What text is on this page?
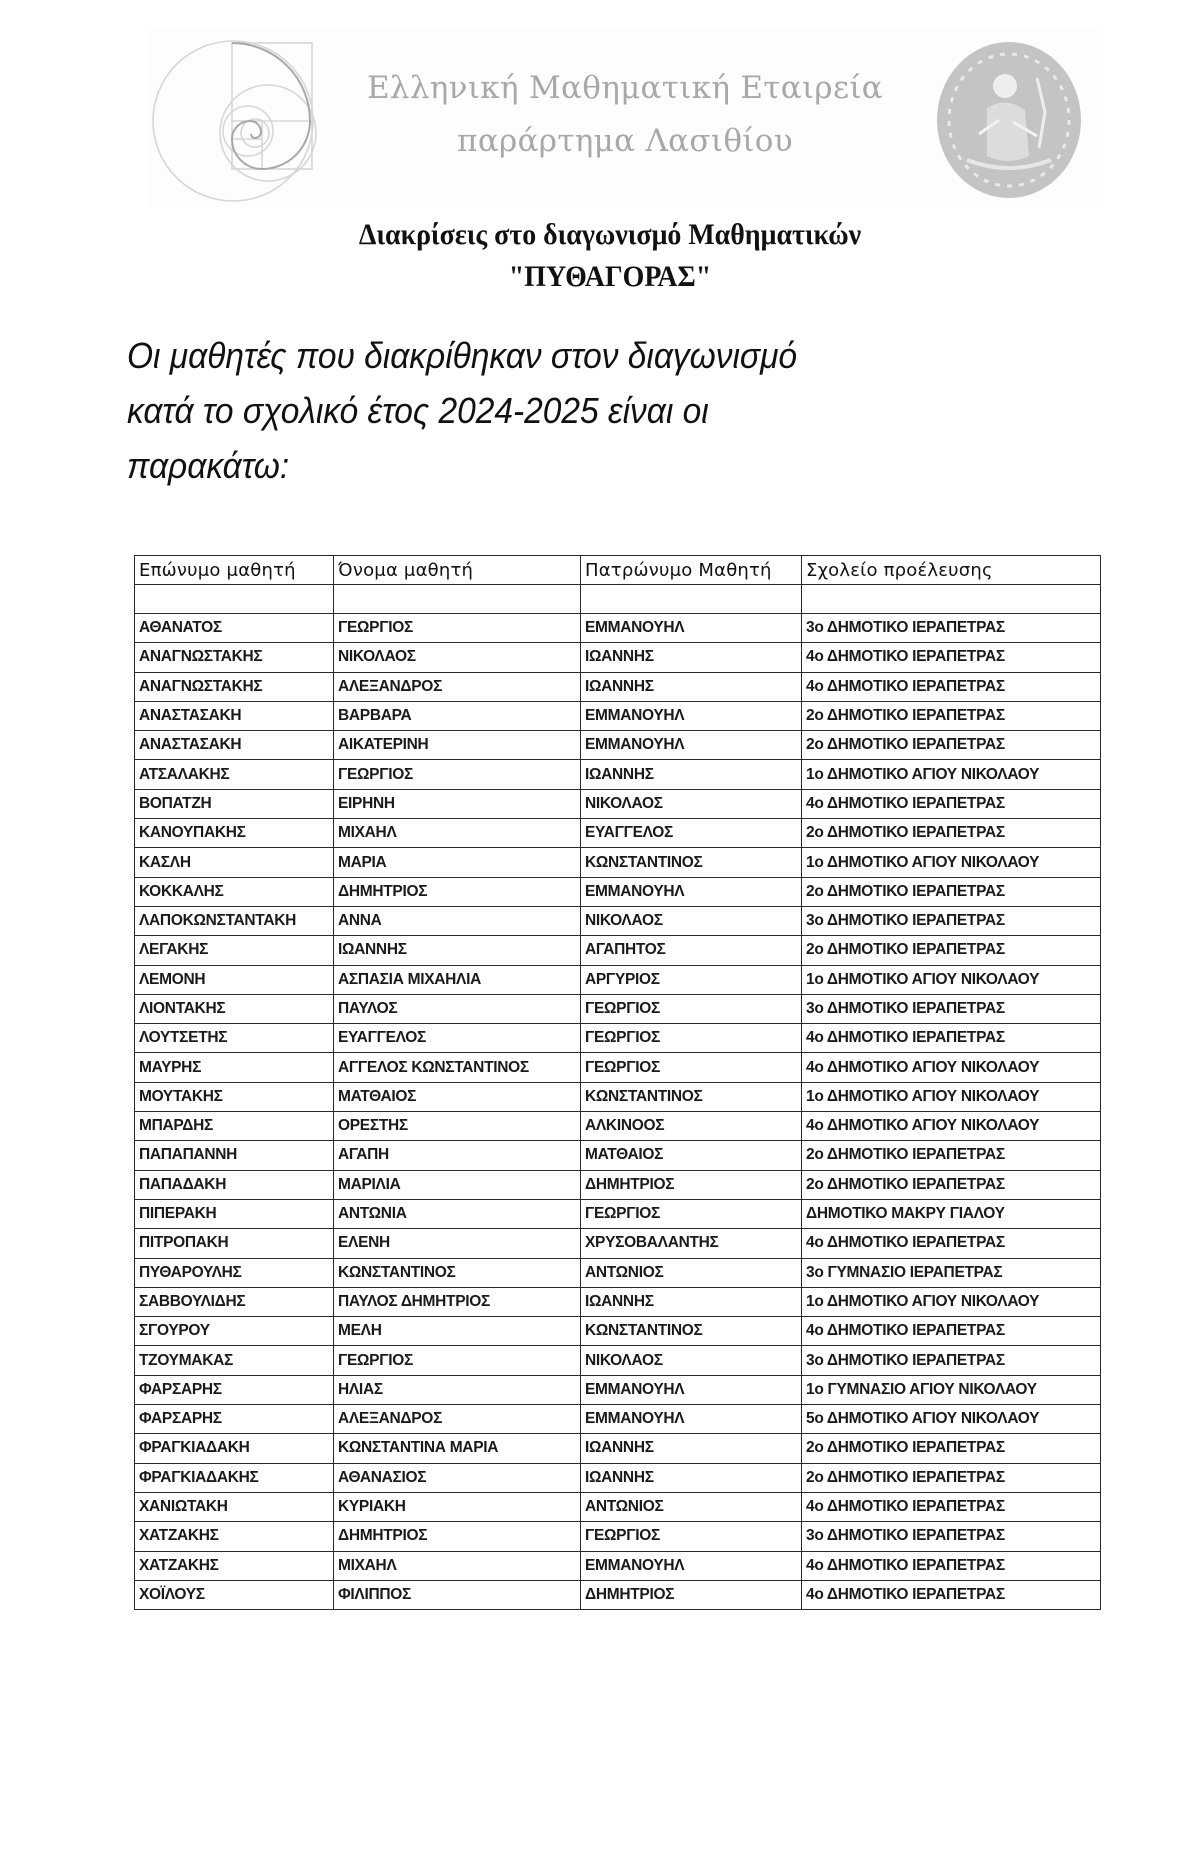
Ελληνική Μαθηματική Εταιρεία
παράρτημα Λασιθίου
Διακρίσεις στο διαγωνισμό Μαθηματικών
"ΠΥΘΑΓΟΡΑΣ"
Οι μαθητές που διακρίθηκαν στον διαγωνισμό
κατά το σχολικό έτος 2024-2025 είναι οι
παρακάτω:
Επώνυμο μαθητή	Όνομα μαθητή	Πατρώνυμο Μαθητή	Σχολείο προέλευσης

ΑΘΑΝΑΤΟΣ	ΓΕΩΡΓΙΟΣ	ΕΜΜΑΝΟΥΗΛ	3ο ΔΗΜΟΤΙΚΟ ΙΕΡΑΠΕΤΡΑΣ
ΑΝΑΓΝΩΣΤΑΚΗΣ	ΝΙΚΟΛΑΟΣ	ΙΩΑΝΝΗΣ	4ο ΔΗΜΟΤΙΚΟ ΙΕΡΑΠΕΤΡΑΣ
ΑΝΑΓΝΩΣΤΑΚΗΣ	ΑΛΕΞΑΝΔΡΟΣ	ΙΩΑΝΝΗΣ	4ο ΔΗΜΟΤΙΚΟ ΙΕΡΑΠΕΤΡΑΣ
ΑΝΑΣΤΑΣΑΚΗ	ΒΑΡΒΑΡΑ	ΕΜΜΑΝΟΥΗΛ	2ο ΔΗΜΟΤΙΚΟ ΙΕΡΑΠΕΤΡΑΣ
ΑΝΑΣΤΑΣΑΚΗ	ΑΙΚΑΤΕΡΙΝΗ	ΕΜΜΑΝΟΥΗΛ	2ο ΔΗΜΟΤΙΚΟ ΙΕΡΑΠΕΤΡΑΣ
ΑΤΣΑΛΑΚΗΣ	ΓΕΩΡΓΙΟΣ	ΙΩΑΝΝΗΣ	1ο ΔΗΜΟΤΙΚΟ ΑΓΙΟΥ ΝΙΚΟΛΑΟΥ
ΒΟΠΑΤΖΗ	ΕΙΡΗΝΗ	ΝΙΚΟΛΑΟΣ	4ο ΔΗΜΟΤΙΚΟ ΙΕΡΑΠΕΤΡΑΣ
ΚΑΝΟΥΠΑΚΗΣ	ΜΙΧΑΗΛ	ΕΥΑΓΓΕΛΟΣ	2ο ΔΗΜΟΤΙΚΟ ΙΕΡΑΠΕΤΡΑΣ
ΚΑΣΛΗ	ΜΑΡΙΑ	ΚΩΝΣΤΑΝΤΙΝΟΣ	1ο ΔΗΜΟΤΙΚΟ ΑΓΙΟΥ ΝΙΚΟΛΑΟΥ
ΚΟΚΚΑΛΗΣ	ΔΗΜΗΤΡΙΟΣ	ΕΜΜΑΝΟΥΗΛ	2ο ΔΗΜΟΤΙΚΟ ΙΕΡΑΠΕΤΡΑΣ
ΛΑΠΟΚΩΝΣΤΑΝΤΑΚΗ	ΑΝΝΑ	ΝΙΚΟΛΑΟΣ	3ο ΔΗΜΟΤΙΚΟ ΙΕΡΑΠΕΤΡΑΣ
ΛΕΓΑΚΗΣ	ΙΩΑΝΝΗΣ	ΑΓΑΠΗΤΟΣ	2ο ΔΗΜΟΤΙΚΟ ΙΕΡΑΠΕΤΡΑΣ
ΛΕΜΟΝΗ	ΑΣΠΑΣΙΑ ΜΙΧΑΗΛΙΑ	ΑΡΓΥΡΙΟΣ	1ο ΔΗΜΟΤΙΚΟ ΑΓΙΟΥ ΝΙΚΟΛΑΟΥ
ΛΙΟΝΤΑΚΗΣ	ΠΑΥΛΟΣ	ΓΕΩΡΓΙΟΣ	3ο ΔΗΜΟΤΙΚΟ ΙΕΡΑΠΕΤΡΑΣ
ΛΟΥΤΣΕΤΗΣ	ΕΥΑΓΓΕΛΟΣ	ΓΕΩΡΓΙΟΣ	4ο ΔΗΜΟΤΙΚΟ ΙΕΡΑΠΕΤΡΑΣ
ΜΑΥΡΗΣ	ΑΓΓΕΛΟΣ ΚΩΝΣΤΑΝΤΙΝΟΣ	ΓΕΩΡΓΙΟΣ	4ο ΔΗΜΟΤΙΚΟ ΑΓΙΟΥ ΝΙΚΟΛΑΟΥ
ΜΟΥΤΑΚΗΣ	ΜΑΤΘΑΙΟΣ	ΚΩΝΣΤΑΝΤΙΝΟΣ	1ο ΔΗΜΟΤΙΚΟ ΑΓΙΟΥ ΝΙΚΟΛΑΟΥ
ΜΠΑΡΔΗΣ	ΟΡΕΣΤΗΣ	ΑΛΚΙΝΟΟΣ	4ο ΔΗΜΟΤΙΚΟ ΑΓΙΟΥ ΝΙΚΟΛΑΟΥ
ΠΑΠΑΠΑΝΝΗ	ΑΓΑΠΗ	ΜΑΤΘΑΙΟΣ	2ο ΔΗΜΟΤΙΚΟ ΙΕΡΑΠΕΤΡΑΣ
ΠΑΠΑΔΑΚΗ	ΜΑΡΙΛΙΑ	ΔΗΜΗΤΡΙΟΣ	2ο ΔΗΜΟΤΙΚΟ ΙΕΡΑΠΕΤΡΑΣ
ΠΙΠΕΡΑΚΗ	ΑΝΤΩΝΙΑ	ΓΕΩΡΓΙΟΣ	ΔΗΜΟΤΙΚΟ ΜΑΚΡΥ ΓΙΑΛΟΥ
ΠΙΤΡΟΠΑΚΗ	ΕΛΕΝΗ	ΧΡΥΣΟΒΑΛΑΝΤΗΣ	4ο ΔΗΜΟΤΙΚΟ ΙΕΡΑΠΕΤΡΑΣ
ΠΥΘΑΡΟΥΛΗΣ	ΚΩΝΣΤΑΝΤΙΝΟΣ	ΑΝΤΩΝΙΟΣ	3ο ΓΥΜΝΑΣΙΟ ΙΕΡΑΠΕΤΡΑΣ
ΣΑΒΒΟΥΛΙΔΗΣ	ΠΑΥΛΟΣ ΔΗΜΗΤΡΙΟΣ	ΙΩΑΝΝΗΣ	1ο ΔΗΜΟΤΙΚΟ ΑΓΙΟΥ ΝΙΚΟΛΑΟΥ
ΣΓΟΥΡΟΥ	ΜΕΛΗ	ΚΩΝΣΤΑΝΤΙΝΟΣ	4ο ΔΗΜΟΤΙΚΟ ΙΕΡΑΠΕΤΡΑΣ
ΤΖΟΥΜΑΚΑΣ	ΓΕΩΡΓΙΟΣ	ΝΙΚΟΛΑΟΣ	3ο ΔΗΜΟΤΙΚΟ ΙΕΡΑΠΕΤΡΑΣ
ΦΑΡΣΑΡΗΣ	ΗΛΙΑΣ	ΕΜΜΑΝΟΥΗΛ	1ο ΓΥΜΝΑΣΙΟ ΑΓΙΟΥ ΝΙΚΟΛΑΟΥ
ΦΑΡΣΑΡΗΣ	ΑΛΕΞΑΝΔΡΟΣ	ΕΜΜΑΝΟΥΗΛ	5ο ΔΗΜΟΤΙΚΟ ΑΓΙΟΥ ΝΙΚΟΛΑΟΥ
ΦΡΑΓΚΙΑΔΑΚΗ	ΚΩΝΣΤΑΝΤΙΝΑ ΜΑΡΙΑ	ΙΩΑΝΝΗΣ	2ο ΔΗΜΟΤΙΚΟ ΙΕΡΑΠΕΤΡΑΣ
ΦΡΑΓΚΙΑΔΑΚΗΣ	ΑΘΑΝΑΣΙΟΣ	ΙΩΑΝΝΗΣ	2ο ΔΗΜΟΤΙΚΟ ΙΕΡΑΠΕΤΡΑΣ
ΧΑΝΙΩΤΑΚΗ	ΚΥΡΙΑΚΗ	ΑΝΤΩΝΙΟΣ	4ο ΔΗΜΟΤΙΚΟ ΙΕΡΑΠΕΤΡΑΣ
ΧΑΤΖΑΚΗΣ	ΔΗΜΗΤΡΙΟΣ	ΓΕΩΡΓΙΟΣ	3ο ΔΗΜΟΤΙΚΟ ΙΕΡΑΠΕΤΡΑΣ
ΧΑΤΖΑΚΗΣ	ΜΙΧΑΗΛ	ΕΜΜΑΝΟΥΗΛ	4ο ΔΗΜΟΤΙΚΟ ΙΕΡΑΠΕΤΡΑΣ
ΧΟΪΛΟΥΣ	ΦΙΛΙΠΠΟΣ	ΔΗΜΗΤΡΙΟΣ	4ο ΔΗΜΟΤΙΚΟ ΙΕΡΑΠΕΤΡΑΣ
